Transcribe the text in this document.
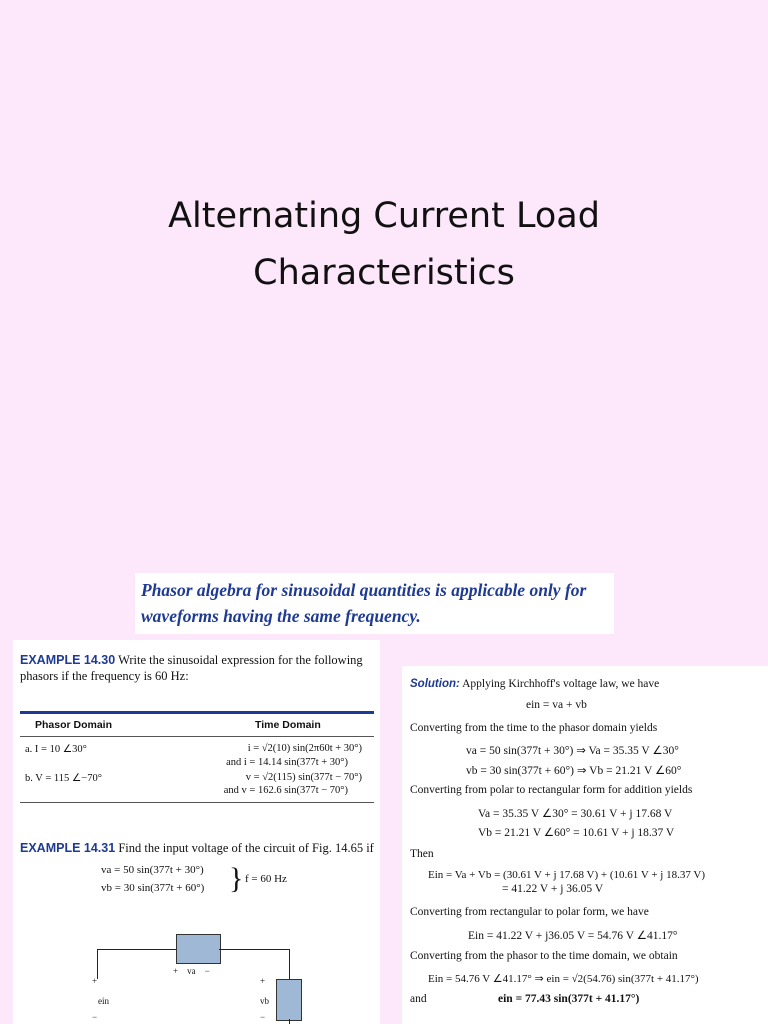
Alternating Current Load
Characteristics
Phasor algebra for sinusoidal quantities is applicable only for
waveforms having the same frequency.
EXAMPLE 14.30 Write the sinusoidal expression for the following
phasors if the frequency is 60 Hz:
Phasor Domain	Time Domain
a. I = 10 ∠30°	i = √2(10) sin(2π60t + 30°)
and i = 14.14 sin(377t + 30°)
b. V = 115 ∠−70°	v = √2(115) sin(377t − 70°)
and v = 162.6 sin(377t − 70°)
EXAMPLE 14.31 Find the input voltage of the circuit of Fig. 14.65 if
va = 50 sin(377t + 30°)
vb = 30 sin(377t + 60°) } f = 60 Hz
+
ein
−
+    va    −
+
vb
−
Solution: Applying Kirchhoff's voltage law, we have
ein = va + vb
Converting from the time to the phasor domain yields
va = 50 sin(377t + 30°) ⇒ Va = 35.35 V ∠30°
vb = 30 sin(377t + 60°) ⇒ Vb = 21.21 V ∠60°
Converting from polar to rectangular form for addition yields
Va = 35.35 V ∠30° = 30.61 V + j 17.68 V
Vb = 21.21 V ∠60° = 10.61 V + j 18.37 V
Then
Ein = Va + Vb = (30.61 V + j 17.68 V) + (10.61 V + j 18.37 V)
= 41.22 V + j 36.05 V
Converting from rectangular to polar form, we have
Ein = 41.22 V + j36.05 V = 54.76 V ∠41.17°
Converting from the phasor to the time domain, we obtain
Ein = 54.76 V ∠41.17° ⇒ ein = √2(54.76) sin(377t + 41.17°)
and	ein = 77.43 sin(377t + 41.17°)
